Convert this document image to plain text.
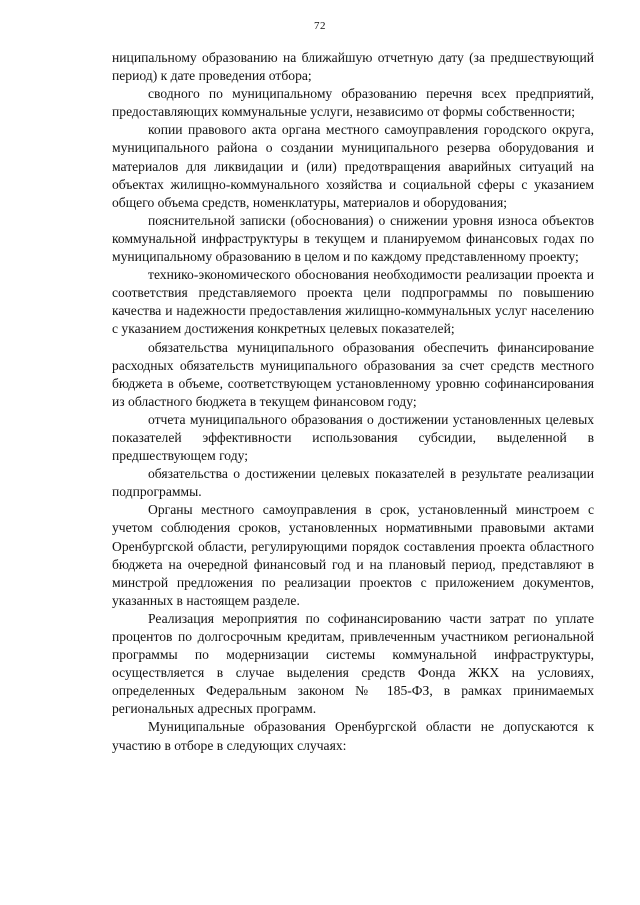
72

ниципальному образованию на ближайшую отчетную дату (за предшествующий период) к дате проведения отбора;

сводного по муниципальному образованию перечня всех предприятий, предоставляющих коммунальные услуги, независимо от формы собственности;

копии правового акта органа местного самоуправления городского округа, муниципального района о создании муниципального резерва оборудования и материалов для ликвидации и (или) предотвращения аварийных ситуаций на объектах жилищно-коммунального хозяйства и социальной сферы с указанием общего объема средств, номенклатуры, материалов и оборудования;

пояснительной записки (обоснования) о снижении уровня износа объектов коммунальной инфраструктуры в текущем и планируемом финансовых годах по муниципальному образованию в целом и по каждому представленному проекту;

технико-экономического обоснования необходимости реализации проекта и соответствия представляемого проекта цели подпрограммы по повышению качества и надежности предоставления жилищно-коммунальных услуг населению с указанием достижения конкретных целевых показателей;

обязательства муниципального образования обеспечить финансирование расходных обязательств муниципального образования за счет средств местного бюджета в объеме, соответствующем установленному уровню софинансирования из областного бюджета в текущем финансовом году;

отчета муниципального образования о достижении установленных целевых показателей эффективности использования субсидии, выделенной в предшествующем году;

обязательства о достижении целевых показателей в результате реализации подпрограммы.

Органы местного самоуправления в срок, установленный минстроем с учетом соблюдения сроков, установленных нормативными правовыми актами Оренбургской области, регулирующими порядок составления проекта областного бюджета на очередной финансовый год и на плановый период, представляют в минстрой предложения по реализации проектов с приложением документов, указанных в настоящем разделе.

Реализация мероприятия по софинансированию части затрат по уплате процентов по долгосрочным кредитам, привлеченным участником региональной программы по модернизации системы коммунальной инфраструктуры, осуществляется в случае выделения средств Фонда ЖКХ на условиях, определенных Федеральным законом № 185-ФЗ, в рамках принимаемых региональных адресных программ.

Муниципальные образования Оренбургской области не допускаются к участию в отборе в следующих случаях:
